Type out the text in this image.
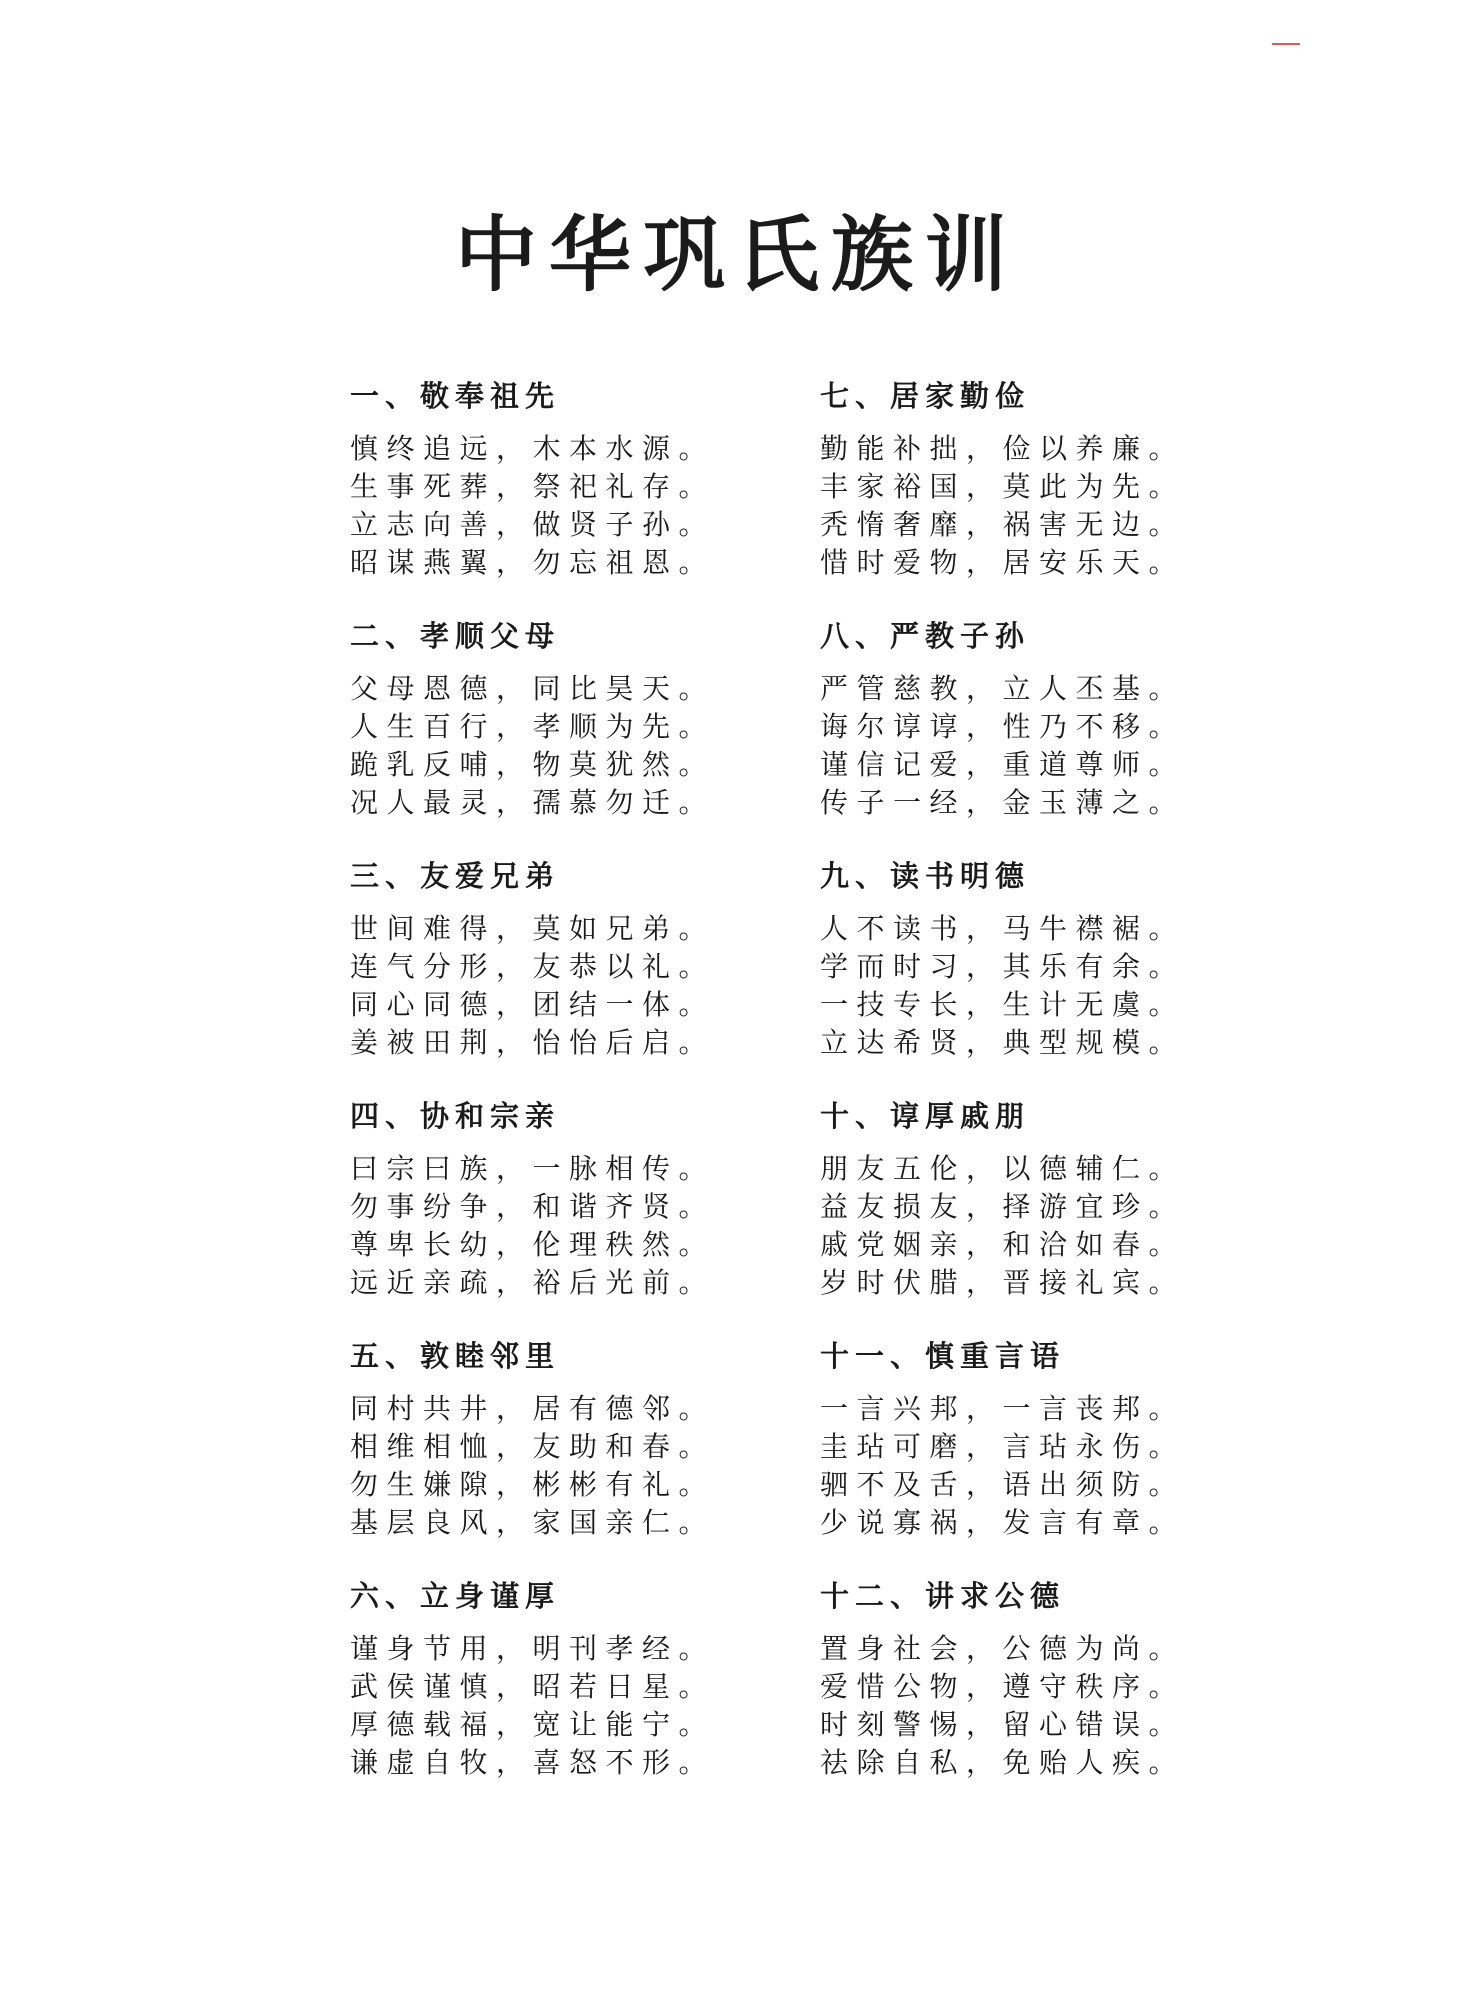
中华巩氏族训
一、敬奉祖先
慎终追远，木本水源。
生事死葬，祭祀礼存。
立志向善，做贤子孙。
昭谋燕翼，勿忘祖恩。
二、孝顺父母
父母恩德，同比昊天。
人生百行，孝顺为先。
跪乳反哺，物莫犹然。
况人最灵，孺慕勿迁。
三、友爱兄弟
世间难得，莫如兄弟。
连气分形，友恭以礼。
同心同德，团结一体。
姜被田荆，怡怡后启。
四、协和宗亲
曰宗曰族，一脉相传。
勿事纷争，和谐齐贤。
尊卑长幼，伦理秩然。
远近亲疏，裕后光前。
五、敦睦邻里
同村共井，居有德邻。
相维相恤，友助和春。
勿生嫌隙，彬彬有礼。
基层良风，家国亲仁。
六、立身谨厚
谨身节用，明刊孝经。
武侯谨慎，昭若日星。
厚德载福，宽让能宁。
谦虚自牧，喜怒不形。
七、居家勤俭
勤能补拙，俭以养廉。
丰家裕国，莫此为先。
秃惰奢靡，祸害无边。
惜时爱物，居安乐天。
八、严教子孙
严管慈教，立人丕基。
诲尔谆谆，性乃不移。
谨信记爱，重道尊师。
传子一经，金玉薄之。
九、读书明德
人不读书，马牛襟裾。
学而时习，其乐有余。
一技专长，生计无虞。
立达希贤，典型规模。
十、谆厚戚朋
朋友五伦，以德辅仁。
益友损友，择游宜珍。
戚党姻亲，和洽如春。
岁时伏腊，晋接礼宾。
十一、慎重言语
一言兴邦，一言丧邦。
圭玷可磨，言玷永伤。
驷不及舌，语出须防。
少说寡祸，发言有章。
十二、讲求公德
置身社会，公德为尚。
爱惜公物，遵守秩序。
时刻警惕，留心错误。
祛除自私，免贻人疾。
